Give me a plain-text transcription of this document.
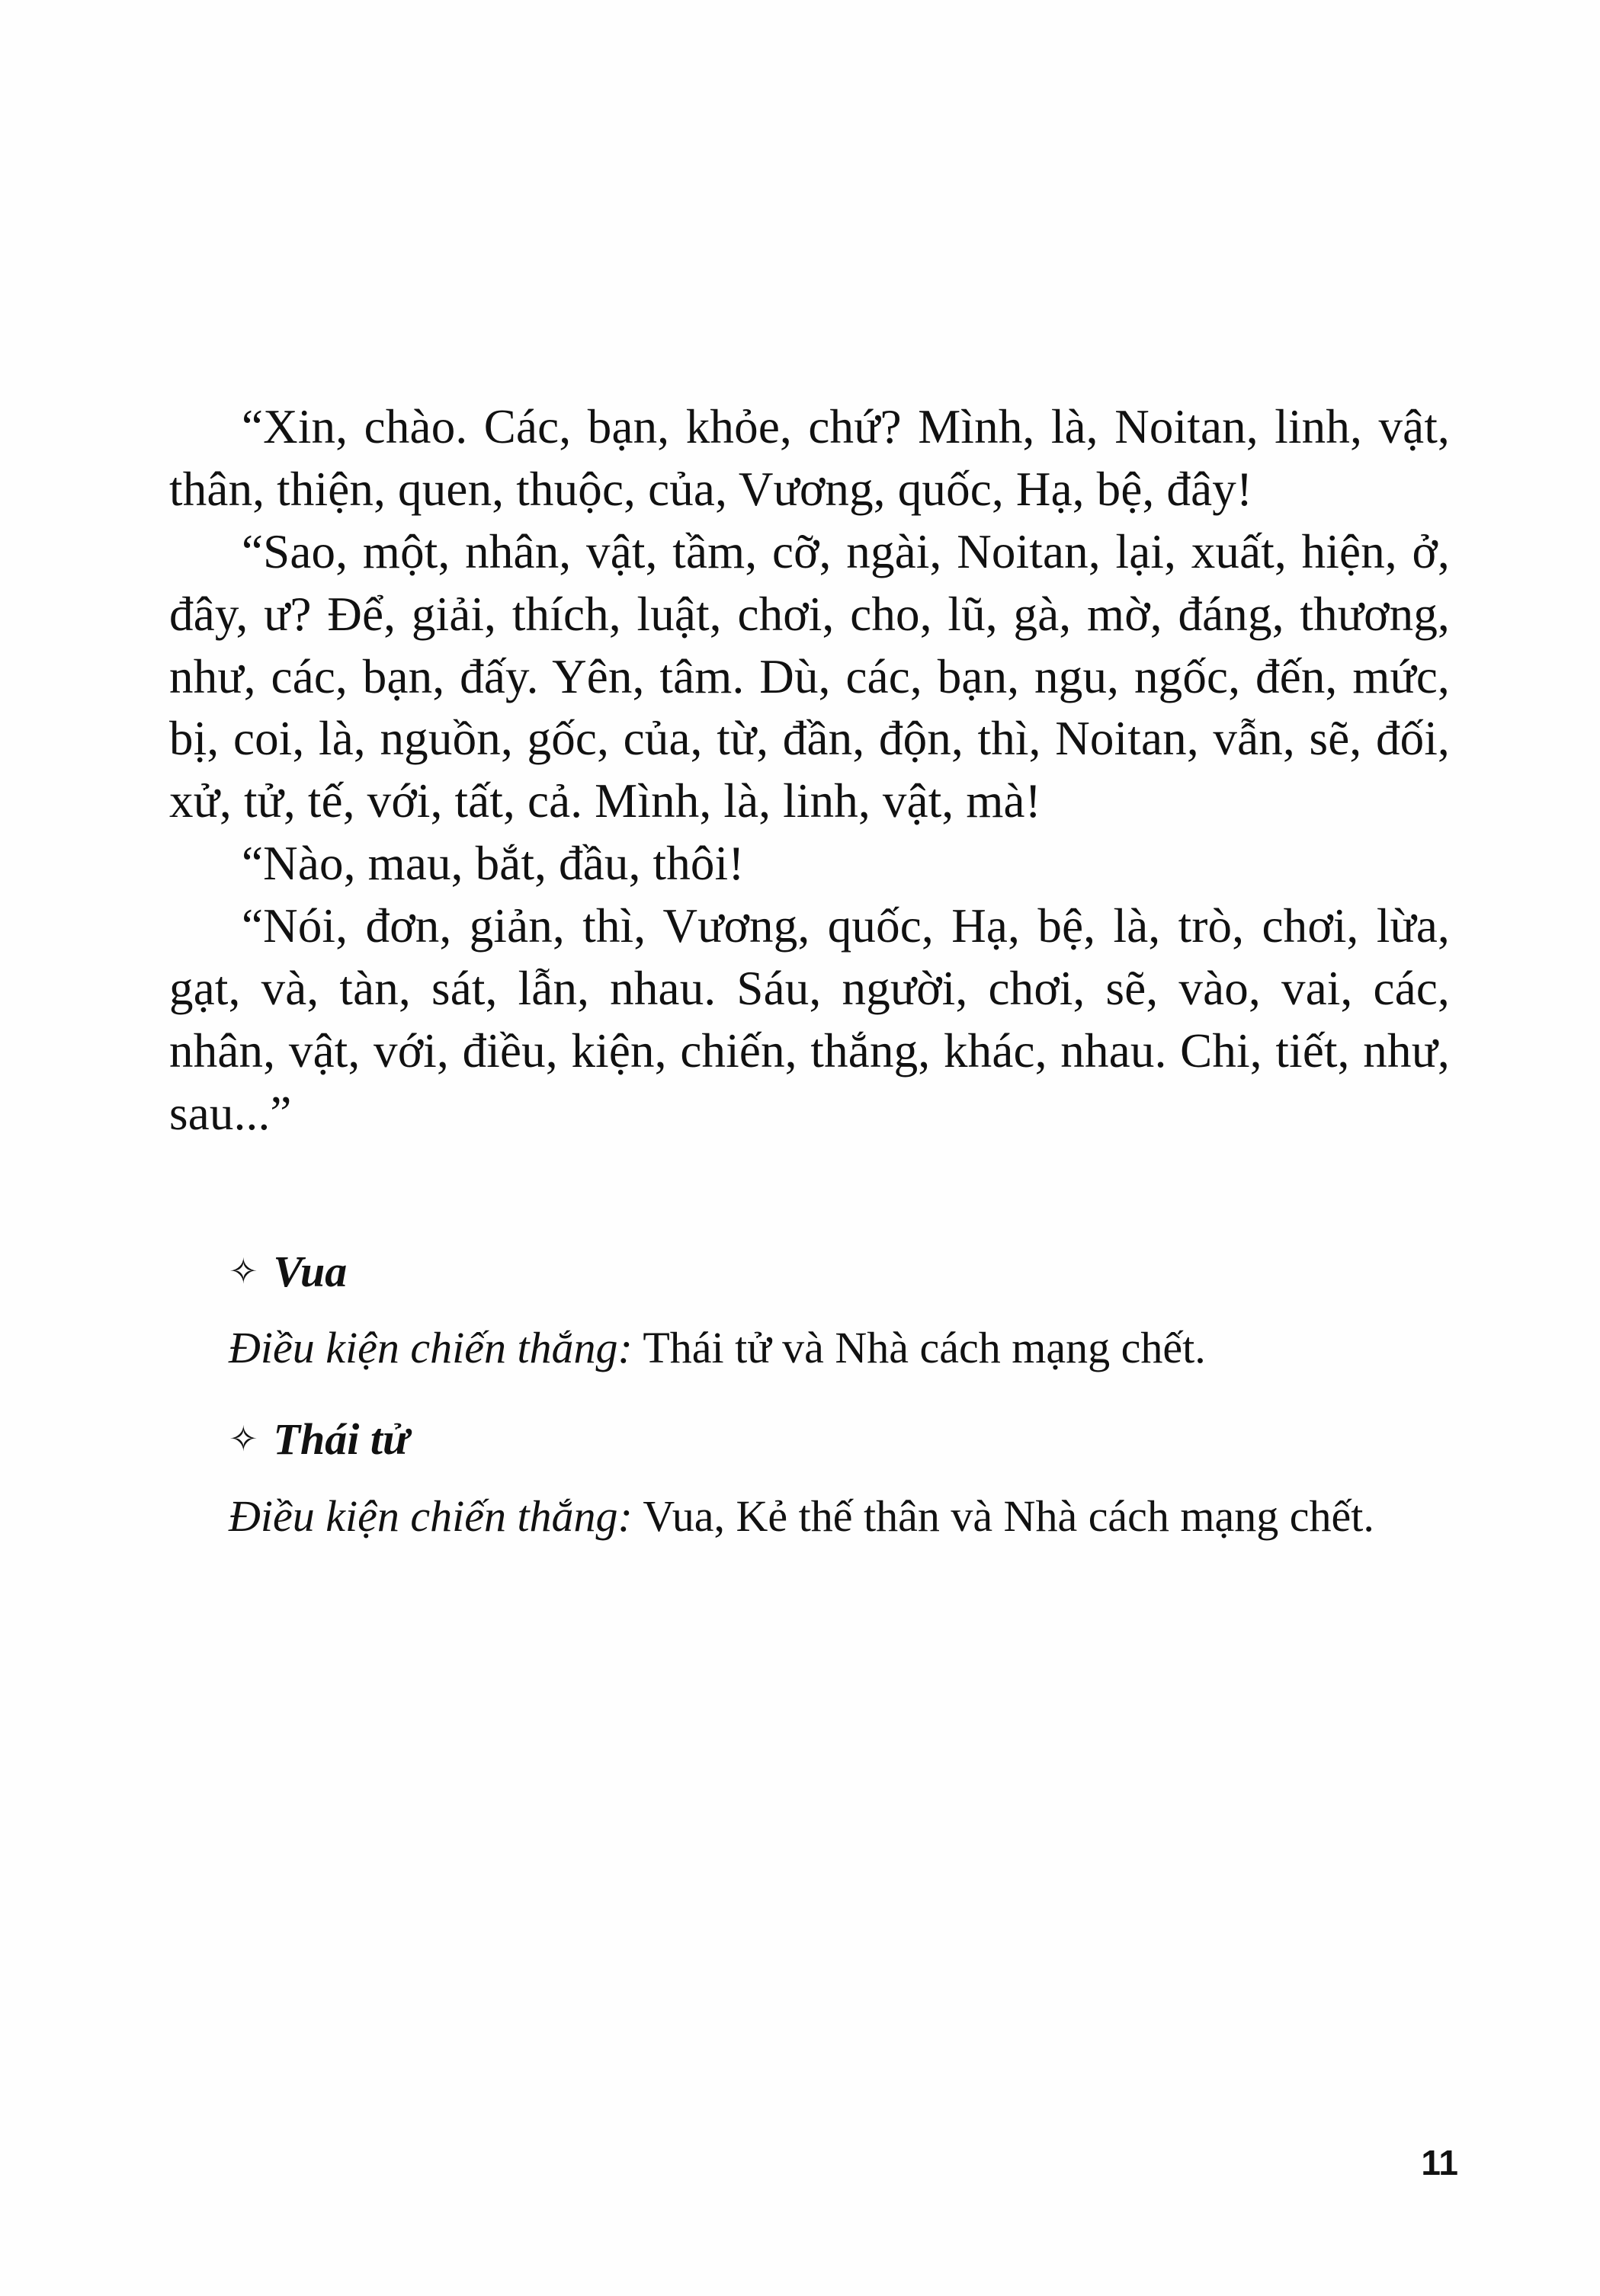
“Xin, chào. Các, bạn, khỏe, chứ? Mình, là, Noitan, linh, vật, thân, thiện, quen, thuộc, của, Vương, quốc, Hạ, bệ, đây!

“Sao, một, nhân, vật, tầm, cỡ, ngài, Noitan, lại, xuất, hiện, ở, đây, ư? Để, giải, thích, luật, chơi, cho, lũ, gà, mờ, đáng, thương, như, các, bạn, đấy. Yên, tâm. Dù, các, bạn, ngu, ngốc, đến, mức, bị, coi, là, nguồn, gốc, của, từ, đần, độn, thì, Noitan, vẫn, sẽ, đối, xử, tử, tế, với, tất, cả. Mình, là, linh, vật, mà!

“Nào, mau, bắt, đầu, thôi!

“Nói, đơn, giản, thì, Vương, quốc, Hạ, bệ, là, trò, chơi, lừa, gạt, và, tàn, sát, lẫn, nhau. Sáu, người, chơi, sẽ, vào, vai, các, nhân, vật, với, điều, kiện, chiến, thắng, khác, nhau. Chi, tiết, như, sau...”

✧ Vua
Điều kiện chiến thắng: Thái tử và Nhà cách mạng chết.
✧ Thái tử
Điều kiện chiến thắng: Vua, Kẻ thế thân và Nhà cách mạng chết.
11
